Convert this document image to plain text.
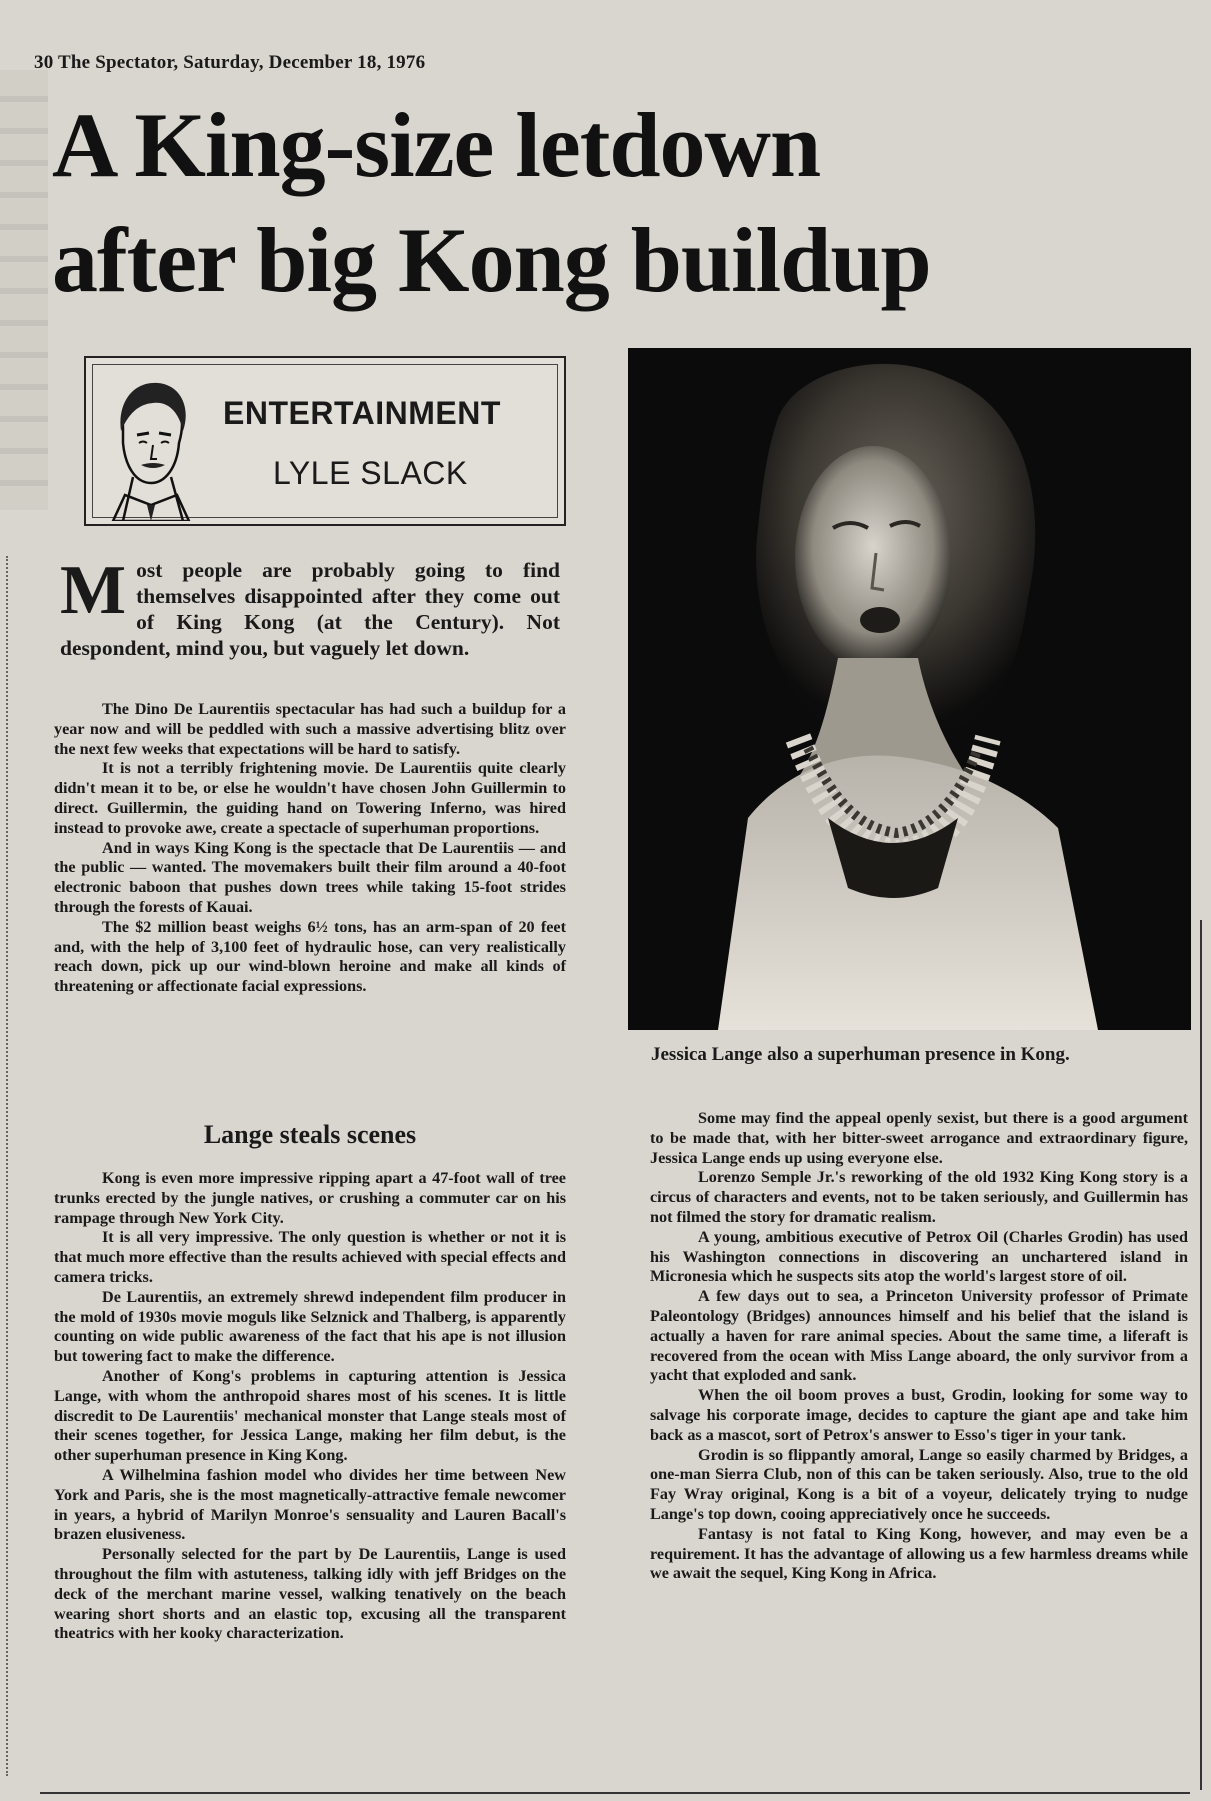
30 The Spectator, Saturday, December 18, 1976
A King-size letdown
after big Kong buildup
ENTERTAINMENT
LYLE SLACK
Jessica Lange also a superhuman presence in Kong.
Most people are probably going to find themselves disappointed after they come out of King Kong (at the Century). Not despondent, mind you, but vaguely let down.

The Dino De Laurentiis spectacular has had such a buildup for a year now and will be peddled with such a massive advertising blitz over the next few weeks that expectations will be hard to satisfy.

It is not a terribly frightening movie. De Laurentiis quite clearly didn't mean it to be, or else he wouldn't have chosen John Guillermin to direct. Guillermin, the guiding hand on Towering Inferno, was hired instead to provoke awe, create a spectacle of superhuman proportions.

And in ways King Kong is the spectacle that De Laurentiis — and the public — wanted. The movemakers built their film around a 40-foot electronic baboon that pushes down trees while taking 15-foot strides through the forests of Kauai.

The $2 million beast weighs 6½ tons, has an arm-span of 20 feet and, with the help of 3,100 feet of hydraulic hose, can very realistically reach down, pick up our wind-blown heroine and make all kinds of threatening or affectionate facial expressions.

Lange steals scenes

Kong is even more impressive ripping apart a 47-foot wall of tree trunks erected by the jungle natives, or crushing a commuter car on his rampage through New York City.

It is all very impressive. The only question is whether or not it is that much more effective than the results achieved with special effects and camera tricks.

De Laurentiis, an extremely shrewd independent film producer in the mold of 1930s movie moguls like Selznick and Thalberg, is apparently counting on wide public awareness of the fact that his ape is not illusion but towering fact to make the difference.

Another of Kong's problems in capturing attention is Jessica Lange, with whom the anthropoid shares most of his scenes. It is little discredit to De Laurentiis' mechanical monster that Lange steals most of their scenes together, for Jessica Lange, making her film debut, is the other superhuman presence in King Kong.

A Wilhelmina fashion model who divides her time between New York and Paris, she is the most magnetically-attractive female newcomer in years, a hybrid of Marilyn Monroe's sensuality and Lauren Bacall's brazen elusiveness.

Personally selected for the part by De Laurentiis, Lange is used throughout the film with astuteness, talking idly with jeff Bridges on the deck of the merchant marine vessel, walking tenatively on the beach wearing short shorts and an elastic top, excusing all the transparent theatrics with her kooky characterization.

Some may find the appeal openly sexist, but there is a good argument to be made that, with her bitter-sweet arrogance and extraordinary figure, Jessica Lange ends up using everyone else.

Lorenzo Semple Jr.'s reworking of the old 1932 King Kong story is a circus of characters and events, not to be taken seriously, and Guillermin has not filmed the story for dramatic realism.

A young, ambitious executive of Petrox Oil (Charles Grodin) has used his Washington connections in discovering an unchartered island in Micronesia which he suspects sits atop the world's largest store of oil.

A few days out to sea, a Princeton University professor of Primate Paleontology (Bridges) announces himself and his belief that the island is actually a haven for rare animal species. About the same time, a liferaft is recovered from the ocean with Miss Lange aboard, the only survivor from a yacht that exploded and sank.

When the oil boom proves a bust, Grodin, looking for some way to salvage his corporate image, decides to capture the giant ape and take him back as a mascot, sort of Petrox's answer to Esso's tiger in your tank.

Grodin is so flippantly amoral, Lange so easily charmed by Bridges, a one-man Sierra Club, non of this can be taken seriously. Also, true to the old Fay Wray original, Kong is a bit of a voyeur, delicately trying to nudge Lange's top down, cooing appreciatively once he succeeds.

Fantasy is not fatal to King Kong, however, and may even be a requirement. It has the advantage of allowing us a few harmless dreams while we await the sequel, King Kong in Africa.
